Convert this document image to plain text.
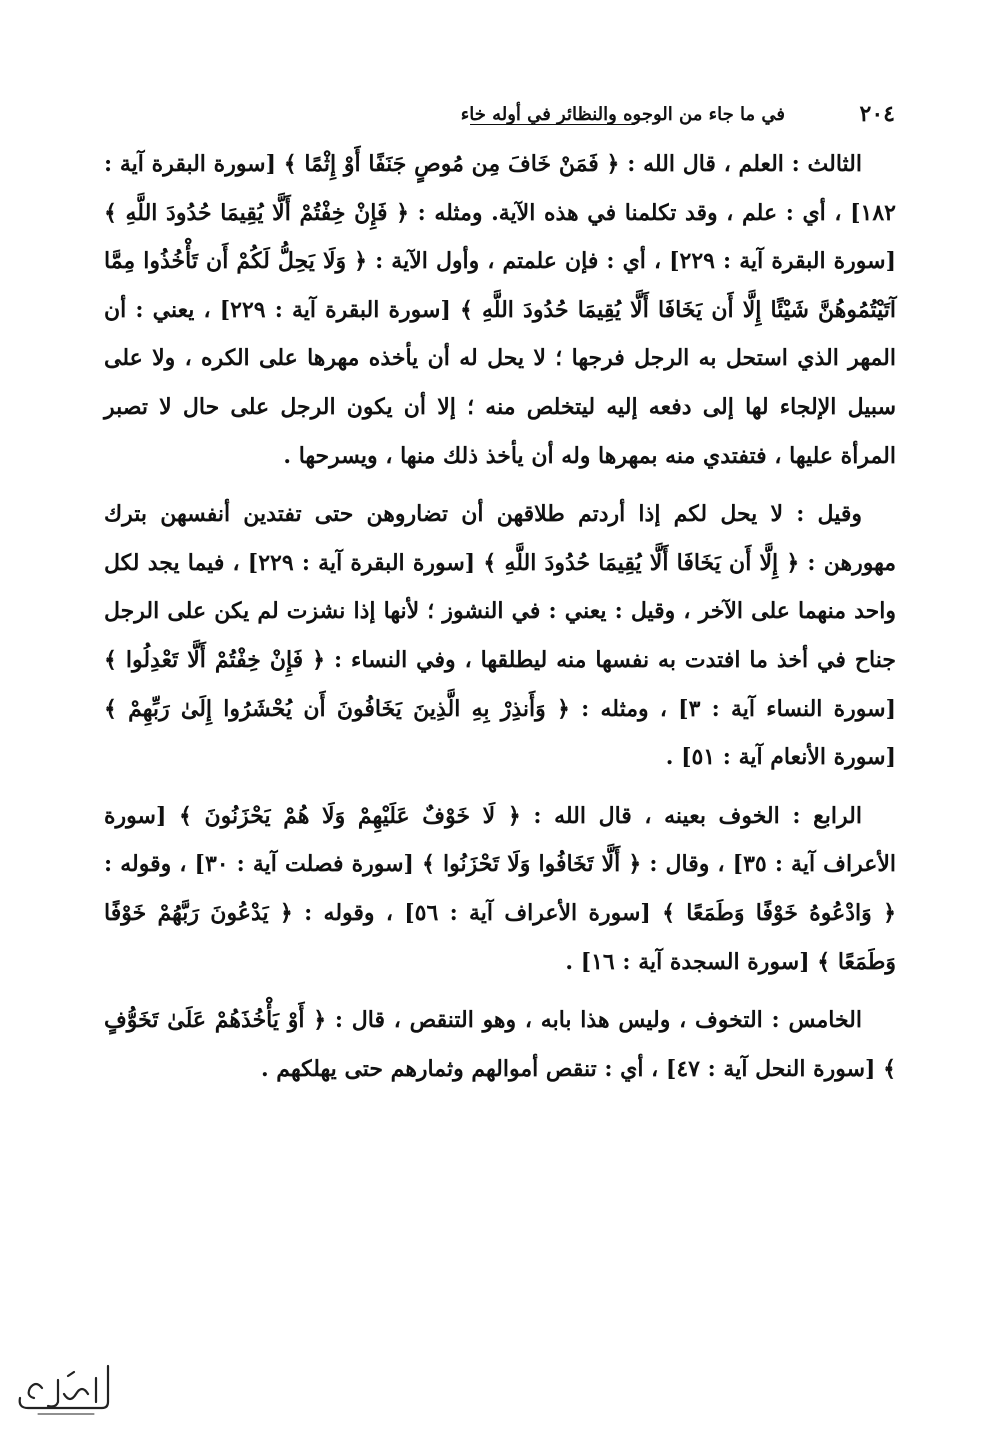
٢٠٤
في ما جاء من الوجوه والنظائر في أوله خاء

الثالث : العلم ، قال الله : ﴿ فَمَنْ خَافَ مِن مُوصٍ جَنَفًا أَوْ إِثْمًا ﴾ [سورة البقرة آية : ١٨٢] ، أي : علم ، وقد تكلمنا في هذه الآية. ومثله : ﴿ فَإِنْ خِفْتُمْ أَلَّا يُقِيمَا حُدُودَ اللَّهِ ﴾ [سورة البقرة آية : ٢٢٩] ، أي : فإن علمتم ، وأول الآية : ﴿ وَلَا يَحِلُّ لَكُمْ أَن تَأْخُذُوا مِمَّا آتَيْتُمُوهُنَّ شَيْئًا إِلَّا أَن يَخَافَا أَلَّا يُقِيمَا حُدُودَ اللَّهِ ﴾ [سورة البقرة آية : ٢٢٩] ، يعني : أن المهر الذي استحل به الرجل فرجها ؛ لا يحل له أن يأخذه مهرها على الكره ، ولا على سبيل الإلجاء لها إلى دفعه إليه ليتخلص منه ؛ إلا أن يكون الرجل على حال لا تصبر المرأة عليها ، فتفتدي منه بمهرها وله أن يأخذ ذلك منها ، ويسرحها .

وقيل : لا يحل لكم إذا أردتم طلاقهن أن تضاروهن حتى تفتدين أنفسهن بترك مهورهن : ﴿ إِلَّا أَن يَخَافَا أَلَّا يُقِيمَا حُدُودَ اللَّهِ ﴾ [سورة البقرة آية : ٢٢٩] ، فيما يجد لكل واحد منهما على الآخر ، وقيل : يعني : في النشوز ؛ لأنها إذا نشزت لم يكن على الرجل جناح في أخذ ما افتدت به نفسها منه ليطلقها ، وفي النساء : ﴿ فَإِنْ خِفْتُمْ أَلَّا تَعْدِلُوا ﴾ [سورة النساء آية : ٣] ، ومثله : ﴿ وَأَنذِرْ بِهِ الَّذِينَ يَخَافُونَ أَن يُحْشَرُوا إِلَىٰ رَبِّهِمْ ﴾ [سورة الأنعام آية : ٥١] .

الرابع : الخوف بعينه ، قال الله : ﴿ لَا خَوْفٌ عَلَيْهِمْ وَلَا هُمْ يَحْزَنُونَ ﴾ [سورة الأعراف آية : ٣٥] ، وقال : ﴿ أَلَّا تَخَافُوا وَلَا تَحْزَنُوا ﴾ [سورة فصلت آية : ٣٠] ، وقوله : ﴿ وَادْعُوهُ خَوْفًا وَطَمَعًا ﴾ [سورة الأعراف آية : ٥٦] ، وقوله : ﴿ يَدْعُونَ رَبَّهُمْ خَوْفًا وَطَمَعًا ﴾ [سورة السجدة آية : ١٦] .

الخامس : التخوف ، وليس هذا بابه ، وهو التنقص ، قال : ﴿ أَوْ يَأْخُذَهُمْ عَلَىٰ تَخَوُّفٍ ﴾ [سورة النحل آية : ٤٧] ، أي : تنقص أموالهم وثمارهم حتى يهلكهم .
